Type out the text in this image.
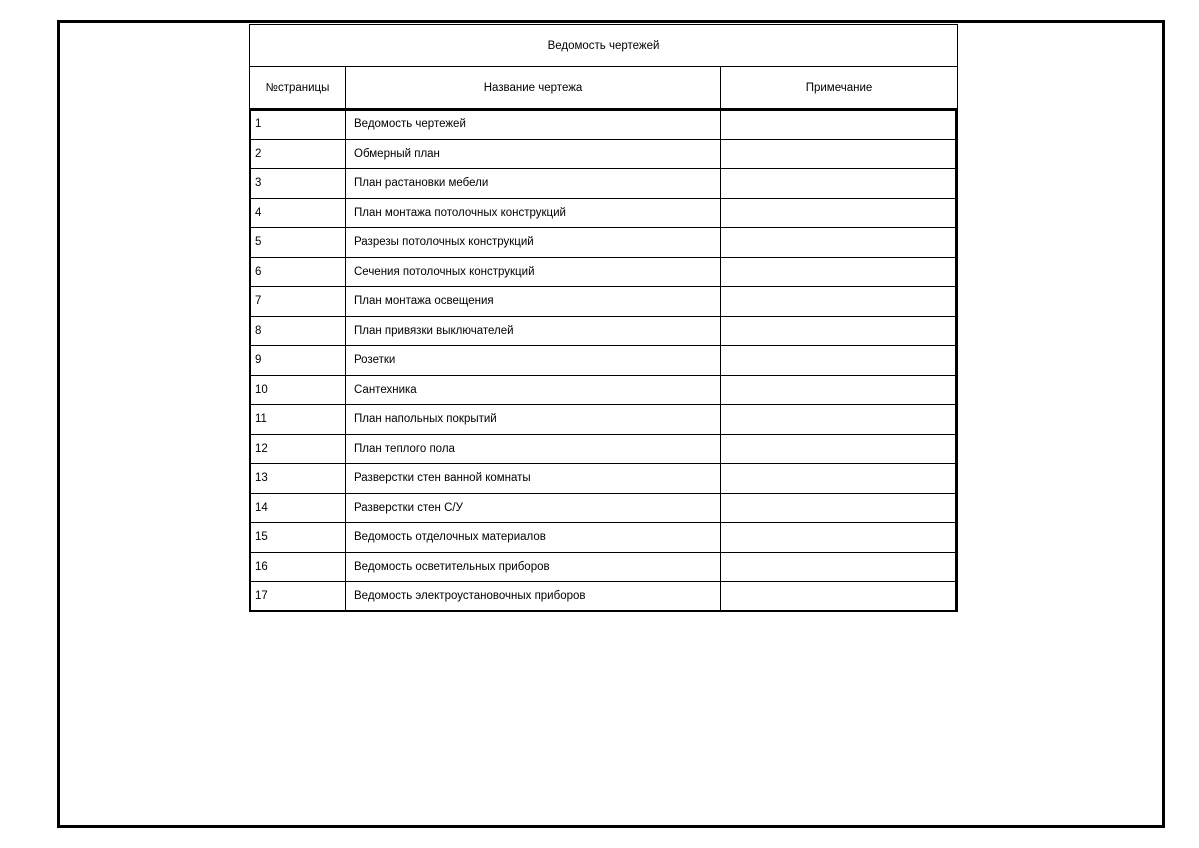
Ведомость чертежей
№страницы	Название чертежа	Примечание
1	Ведомость чертежей	
2	Обмерный план	
3	План растановки мебели	
4	План монтажа потолочных конструкций	
5	Разрезы потолочных конструкций	
6	Сечения потолочных конструкций	
7	План монтажа освещения	
8	План привязки выключателей	
9	Розетки	
10	Сантехника	
11	План напольных покрытий	
12	План теплого пола	
13	Разверстки стен ванной комнаты	
14	Разверстки стен С/У	
15	Ведомость отделочных материалов	
16	Ведомость осветительных приборов	
17	Ведомость электроустановочных приборов	
